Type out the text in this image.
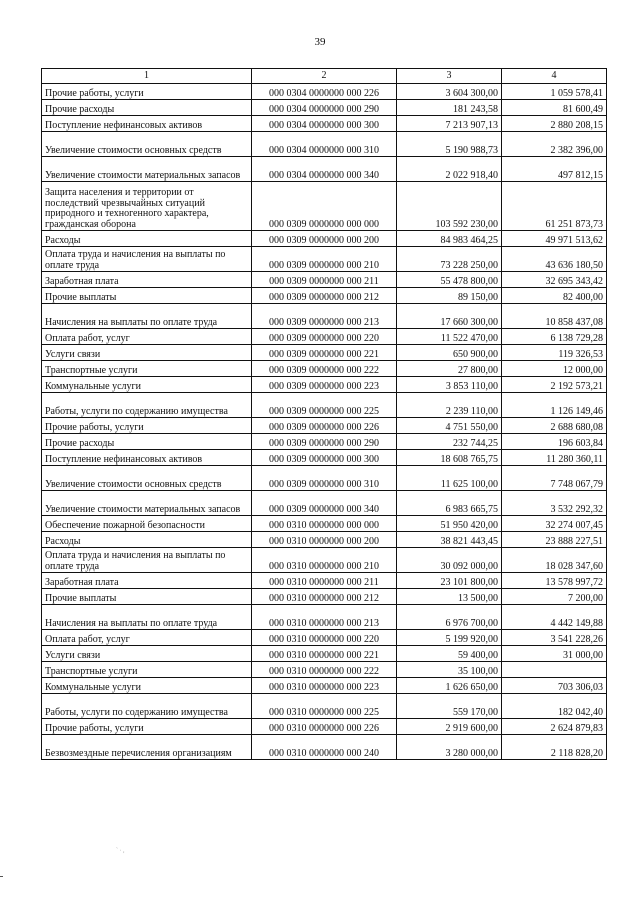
39
1	2	3	4
Прочие работы, услуги	000 0304 0000000 000 226	3 604 300,00	1 059 578,41
Прочие расходы	000 0304 0000000 000 290	181 243,58	81 600,49
Поступление нефинансовых активов	000 0304 0000000 000 300	7 213 907,13	2 880 208,15
Увеличение стоимости основных средств	000 0304 0000000 000 310	5 190 988,73	2 382 396,00
Увеличение стоимости материальных запасов	000 0304 0000000 000 340	2 022 918,40	497 812,15
Защита населения и территории от последствий чрезвычайных ситуаций природного и техногенного характера, гражданская оборона	000 0309 0000000 000 000	103 592 230,00	61 251 873,73
Расходы	000 0309 0000000 000 200	84 983 464,25	49 971 513,62
Оплата труда и начисления на выплаты по оплате труда	000 0309 0000000 000 210	73 228 250,00	43 636 180,50
Заработная плата	000 0309 0000000 000 211	55 478 800,00	32 695 343,42
Прочие выплаты	000 0309 0000000 000 212	89 150,00	82 400,00
Начисления на выплаты по оплате труда	000 0309 0000000 000 213	17 660 300,00	10 858 437,08
Оплата работ, услуг	000 0309 0000000 000 220	11 522 470,00	6 138 729,28
Услуги связи	000 0309 0000000 000 221	650 900,00	119 326,53
Транспортные услуги	000 0309 0000000 000 222	27 800,00	12 000,00
Коммунальные услуги	000 0309 0000000 000 223	3 853 110,00	2 192 573,21
Работы, услуги по содержанию имущества	000 0309 0000000 000 225	2 239 110,00	1 126 149,46
Прочие работы, услуги	000 0309 0000000 000 226	4 751 550,00	2 688 680,08
Прочие расходы	000 0309 0000000 000 290	232 744,25	196 603,84
Поступление нефинансовых активов	000 0309 0000000 000 300	18 608 765,75	11 280 360,11
Увеличение стоимости основных средств	000 0309 0000000 000 310	11 625 100,00	7 748 067,79
Увеличение стоимости материальных запасов	000 0309 0000000 000 340	6 983 665,75	3 532 292,32
Обеспечение пожарной безопасности	000 0310 0000000 000 000	51 950 420,00	32 274 007,45
Расходы	000 0310 0000000 000 200	38 821 443,45	23 888 227,51
Оплата труда и начисления на выплаты по оплате труда	000 0310 0000000 000 210	30 092 000,00	18 028 347,60
Заработная плата	000 0310 0000000 000 211	23 101 800,00	13 578 997,72
Прочие выплаты	000 0310 0000000 000 212	13 500,00	7 200,00
Начисления на выплаты по оплате труда	000 0310 0000000 000 213	6 976 700,00	4 442 149,88
Оплата работ, услуг	000 0310 0000000 000 220	5 199 920,00	3 541 228,26
Услуги связи	000 0310 0000000 000 221	59 400,00	31 000,00
Транспортные услуги	000 0310 0000000 000 222	35 100,00	
Коммунальные услуги	000 0310 0000000 000 223	1 626 650,00	703 306,03
Работы, услуги по содержанию имущества	000 0310 0000000 000 225	559 170,00	182 042,40
Прочие работы, услуги	000 0310 0000000 000 226	2 919 600,00	2 624 879,83
Безвозмездные перечисления организациям	000 0310 0000000 000 240	3 280 000,00	2 118 828,20
` · ,
